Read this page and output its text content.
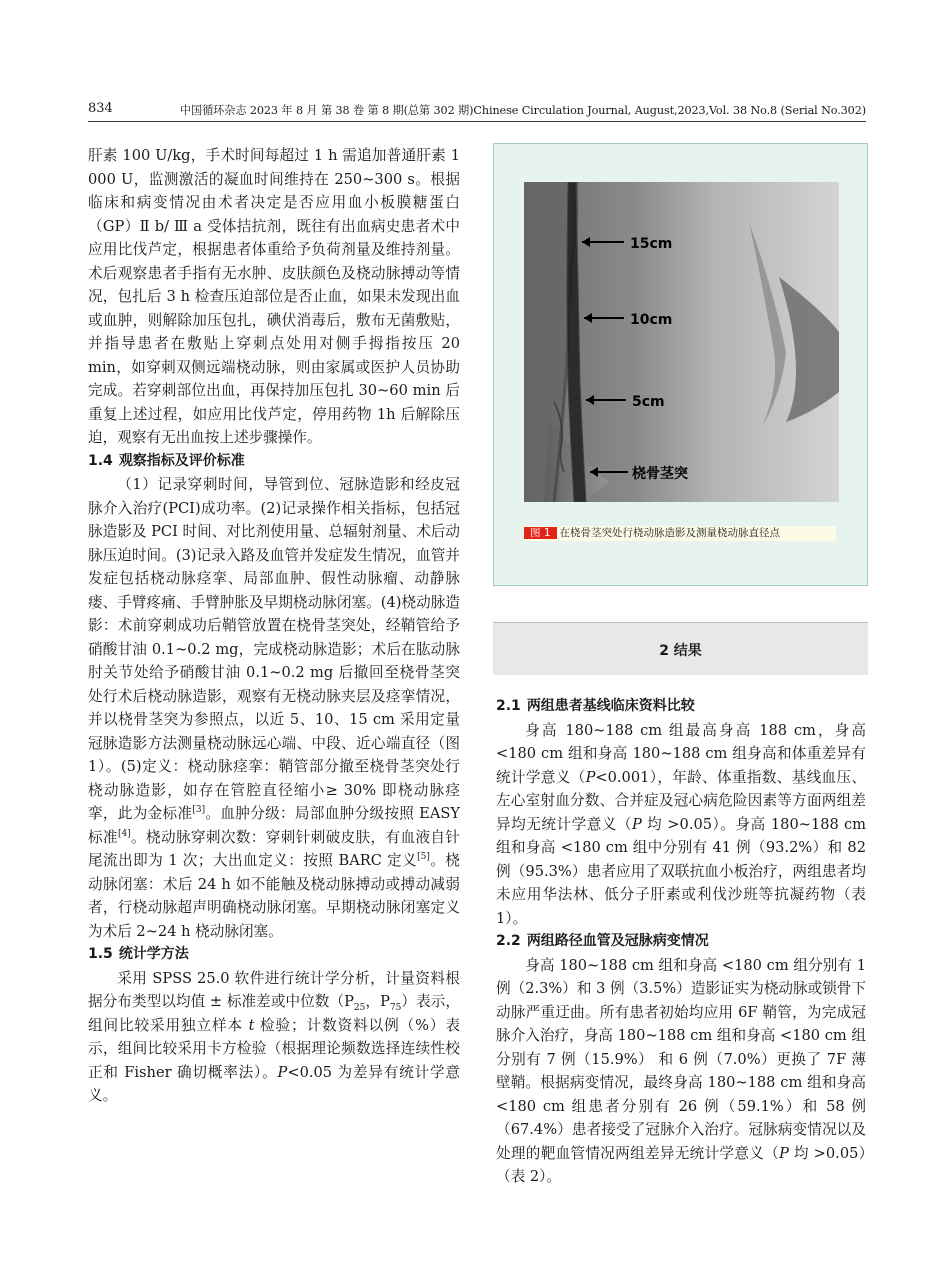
834	中国循环杂志 2023 年 8 月 第 38 卷 第 8 期(总第 302 期)Chinese Circulation Journal, August,2023,Vol. 38 No.8 (Serial No.302)

肝素 100 U/kg，手术时间每超过 1 h 需追加普通肝素 1 000 U，监测激活的凝血时间维持在 250~300 s。根据临床和病变情况由术者决定是否应用血小板膜糖蛋白（GP）Ⅱ b/ Ⅲ a 受体拮抗剂，既往有出血病史患者术中应用比伐芦定，根据患者体重给予负荷剂量及维持剂量。术后观察患者手指有无水肿、皮肤颜色及桡动脉搏动等情况，包扎后 3 h 检查压迫部位是否止血，如果未发现出血或血肿，则解除加压包扎，碘伏消毒后，敷布无菌敷贴，并指导患者在敷贴上穿刺点处用对侧手拇指按压 20 min，如穿刺双侧远端桡动脉，则由家属或医护人员协助完成。若穿刺部位出血，再保持加压包扎 30~60 min 后重复上述过程，如应用比伐芦定，停用药物 1h 后解除压迫，观察有无出血按上述步骤操作。

1.4 观察指标及评价标准

（1）记录穿刺时间，导管到位、冠脉造影和经皮冠脉介入治疗(PCI)成功率。(2)记录操作相关指标，包括冠脉造影及 PCI 时间、对比剂使用量、总辐射剂量、术后动脉压迫时间。(3)记录入路及血管并发症发生情况，血管并发症包括桡动脉痉挛、局部血肿、假性动脉瘤、动静脉瘘、手臂疼痛、手臂肿胀及早期桡动脉闭塞。(4)桡动脉造影：术前穿刺成功后鞘管放置在桡骨茎突处，经鞘管给予硝酸甘油 0.1~0.2 mg，完成桡动脉造影；术后在肱动脉肘关节处给予硝酸甘油 0.1~0.2 mg 后撤回至桡骨茎突处行术后桡动脉造影，观察有无桡动脉夹层及痉挛情况，并以桡骨茎突为参照点，以近 5、10、15 cm 采用定量冠脉造影方法测量桡动脉远心端、中段、近心端直径（图 1）。(5)定义：桡动脉痉挛：鞘管部分撤至桡骨茎突处行桡动脉造影，如存在管腔直径缩小≥ 30% 即桡动脉痉挛，此为金标准[3]。血肿分级：局部血肿分级按照 EASY 标准[4]。桡动脉穿刺次数：穿刺针刺破皮肤，有血液自针尾流出即为 1 次；大出血定义：按照 BARC 定义[5]。桡动脉闭塞：术后 24 h 如不能触及桡动脉搏动或搏动减弱者，行桡动脉超声明确桡动脉闭塞。早期桡动脉闭塞定义为术后 2~24 h 桡动脉闭塞。

1.5 统计学方法

采用 SPSS 25.0 软件进行统计学分析，计量资料根 据分布类型以均值 ± 标准差或中位数（$P_{25}$，$P_{75}$）表示，组间比较采用独立样本 t 检验；计数资料以例（%）表示，组间比较采用卡方检验（根据理论频数选择连续性校正和 Fisher 确切概率法）。P<0.05 为差异有统计学意义。

15cm
10cm
5cm
桡骨茎突
图 1 在桡骨茎突处行桡动脉造影及测量桡动脉直径点
2 结果

2.1 两组患者基线临床资料比较

身高 180~188 cm 组最高身高 188 cm，身高 <180 cm 组和身高 180~188 cm 组身高和体重差异有统计学意义（P<0.001），年龄、体重指数、基线血压、左心室射血分数、合并症及冠心病危险因素等方面两组差异均无统计学意义（P 均 >0.05）。身高 180~188 cm 组和身高 <180 cm 组中分别有 41 例（93.2%）和 82 例（95.3%）患者应用了双联抗血小板治疗，两组患者均未应用华法林、低分子肝素或利伐沙班等抗凝药物（表 1）。

2.2 两组路径血管及冠脉病变情况

身高 180~188 cm 组和身高 <180 cm 组分别有 1 例（2.3%）和 3 例（3.5%）造影证实为桡动脉或锁骨下动脉严重迂曲。所有患者初始均应用 6F 鞘管，为完成冠脉介入治疗，身高 180~188 cm 组和身高 <180 cm 组分别有 7 例（15.9%） 和 6 例（7.0%）更换了 7F 薄壁鞘。根据病变情况，最终身高 180~188 cm 组和身高 <180 cm 组患者分别有 26 例（59.1%）和 58 例（67.4%）患者接受了冠脉介入治疗。冠脉病变情况以及处理的靶血管情况两组差异无统计学意义（P 均 >0.05）（表 2）。
